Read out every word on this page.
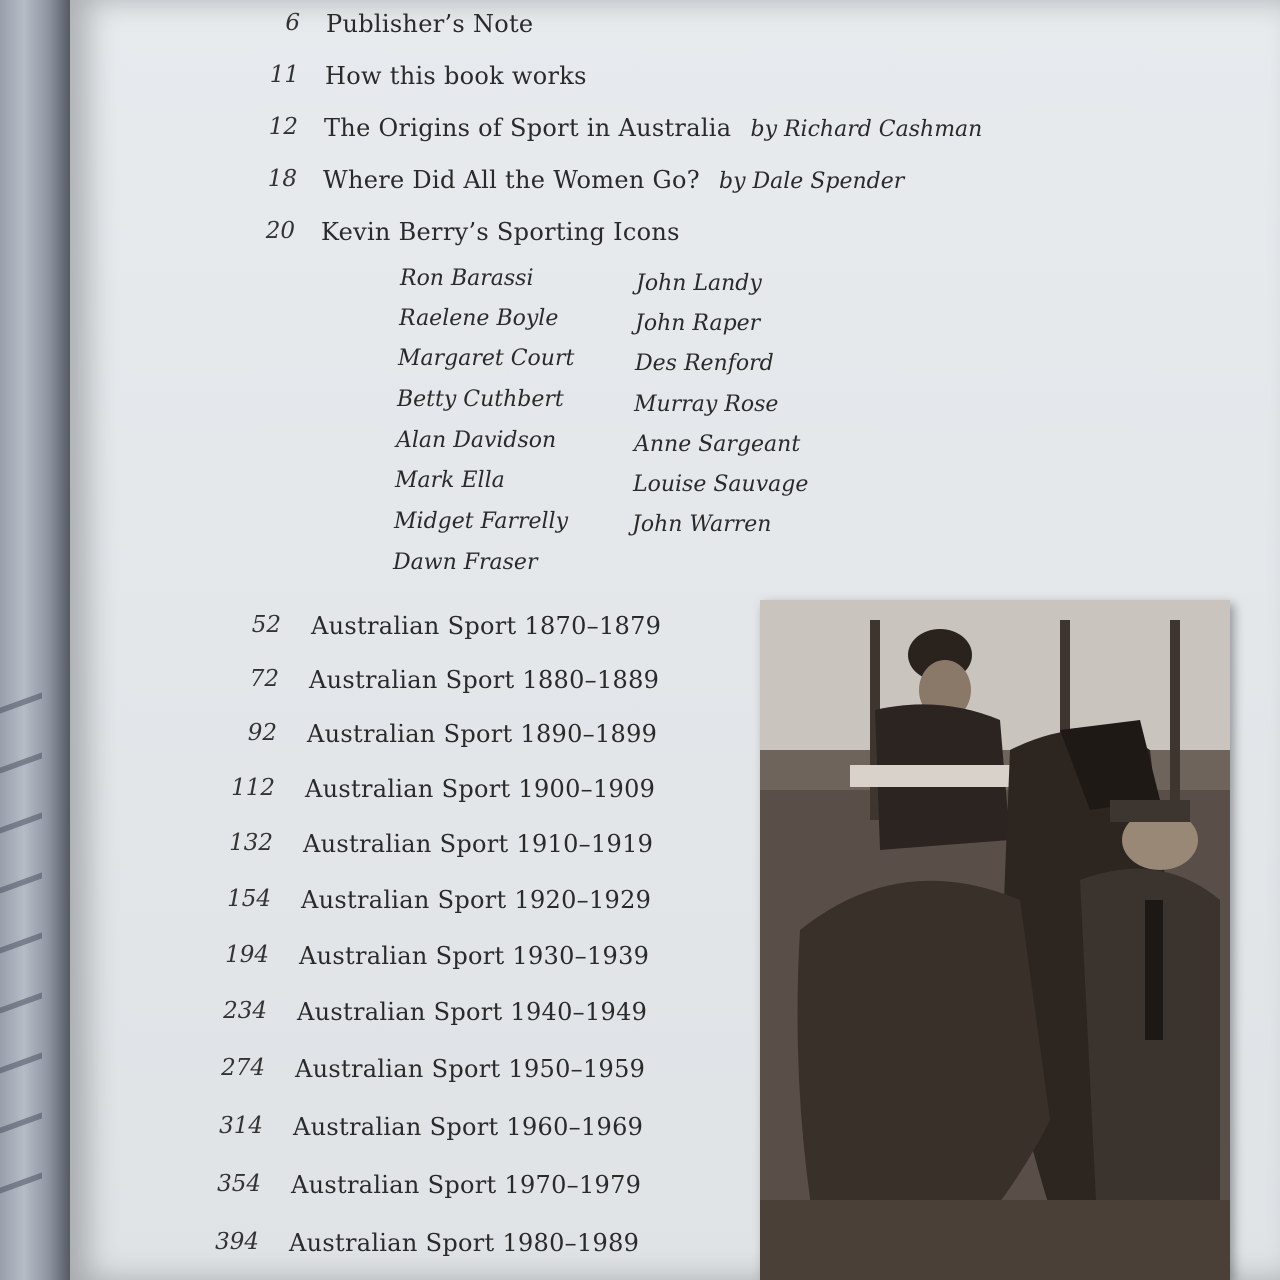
6 Publisher’s Note
11 How this book works
12 The Origins of Sport in Australia by Richard Cashman
18 Where Did All the Women Go? by Dale Spender
20 Kevin Berry’s Sporting Icons
Ron Barassi
Raelene Boyle
Margaret Court
Betty Cuthbert
Alan Davidson
Mark Ella
Midget Farrelly
Dawn Fraser
John Landy
John Raper
Des Renford
Murray Rose
Anne Sargeant
Louise Sauvage
John Warren
52 Australian Sport 1870–1879
72 Australian Sport 1880–1889
92 Australian Sport 1890–1899
112 Australian Sport 1900–1909
132 Australian Sport 1910–1919
154 Australian Sport 1920–1929
194 Australian Sport 1930–1939
234 Australian Sport 1940–1949
274 Australian Sport 1950–1959
314 Australian Sport 1960–1969
354 Australian Sport 1970–1979
394 Australian Sport 1980–1989
